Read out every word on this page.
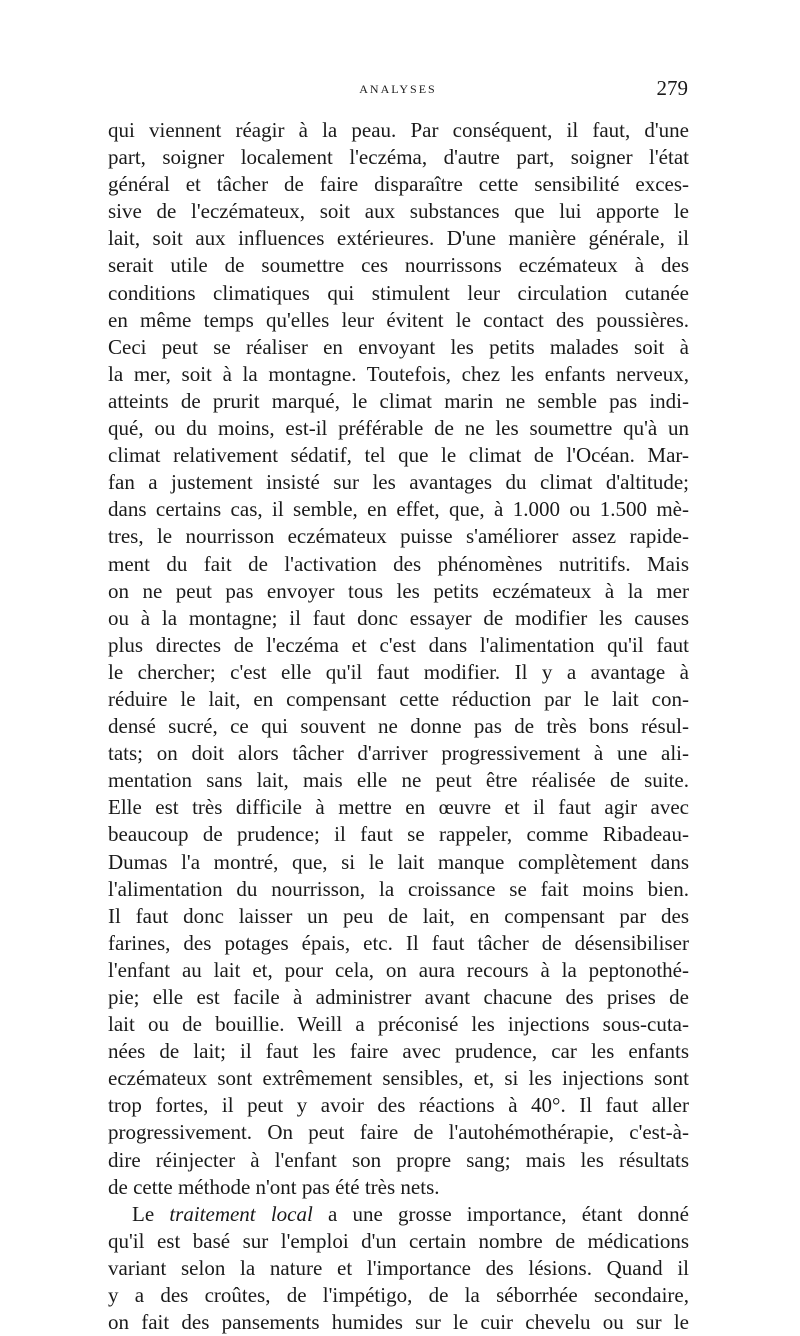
ANALYSES	279
qui viennent réagir à la peau. Par conséquent, il faut, d'une
part, soigner localement l'eczéma, d'autre part, soigner l'état
général et tâcher de faire disparaître cette sensibilité exces-
sive de l'eczémateux, soit aux substances que lui apporte le
lait, soit aux influences extérieures. D'une manière générale, il
serait utile de soumettre ces nourrissons eczémateux à des
conditions climatiques qui stimulent leur circulation cutanée
en même temps qu'elles leur évitent le contact des poussières.
Ceci peut se réaliser en envoyant les petits malades soit à
la mer, soit à la montagne. Toutefois, chez les enfants nerveux,
atteints de prurit marqué, le climat marin ne semble pas indi-
qué, ou du moins, est-il préférable de ne les soumettre qu'à un
climat relativement sédatif, tel que le climat de l'Océan. Mar-
fan a justement insisté sur les avantages du climat d'altitude;
dans certains cas, il semble, en effet, que, à 1.000 ou 1.500 mè-
tres, le nourrisson eczémateux puisse s'améliorer assez rapide-
ment du fait de l'activation des phénomènes nutritifs. Mais
on ne peut pas envoyer tous les petits eczémateux à la mer
ou à la montagne; il faut donc essayer de modifier les causes
plus directes de l'eczéma et c'est dans l'alimentation qu'il faut
le chercher; c'est elle qu'il faut modifier. Il y a avantage à
réduire le lait, en compensant cette réduction par le lait con-
densé sucré, ce qui souvent ne donne pas de très bons résul-
tats; on doit alors tâcher d'arriver progressivement à une ali-
mentation sans lait, mais elle ne peut être réalisée de suite.
Elle est très difficile à mettre en œuvre et il faut agir avec
beaucoup de prudence; il faut se rappeler, comme Ribadeau-
Dumas l'a montré, que, si le lait manque complètement dans
l'alimentation du nourrisson, la croissance se fait moins bien.
Il faut donc laisser un peu de lait, en compensant par des
farines, des potages épais, etc. Il faut tâcher de désensibiliser
l'enfant au lait et, pour cela, on aura recours à la peptonothé-
pie; elle est facile à administrer avant chacune des prises de
lait ou de bouillie. Weill a préconisé les injections sous-cuta-
nées de lait; il faut les faire avec prudence, car les enfants
eczémateux sont extrêmement sensibles, et, si les injections sont
trop fortes, il peut y avoir des réactions à 40°. Il faut aller
progressivement. On peut faire de l'autohémothérapie, c'est-à-
dire réinjecter à l'enfant son propre sang; mais les résultats
de cette méthode n'ont pas été très nets.
Le traitement local a une grosse importance, étant donné
qu'il est basé sur l'emploi d'un certain nombre de médications
variant selon la nature et l'importance des lésions. Quand il
y a des croûtes, de l'impétigo, de la séborrhée secondaire,
on fait des pansements humides sur le cuir chevelu ou sur le
